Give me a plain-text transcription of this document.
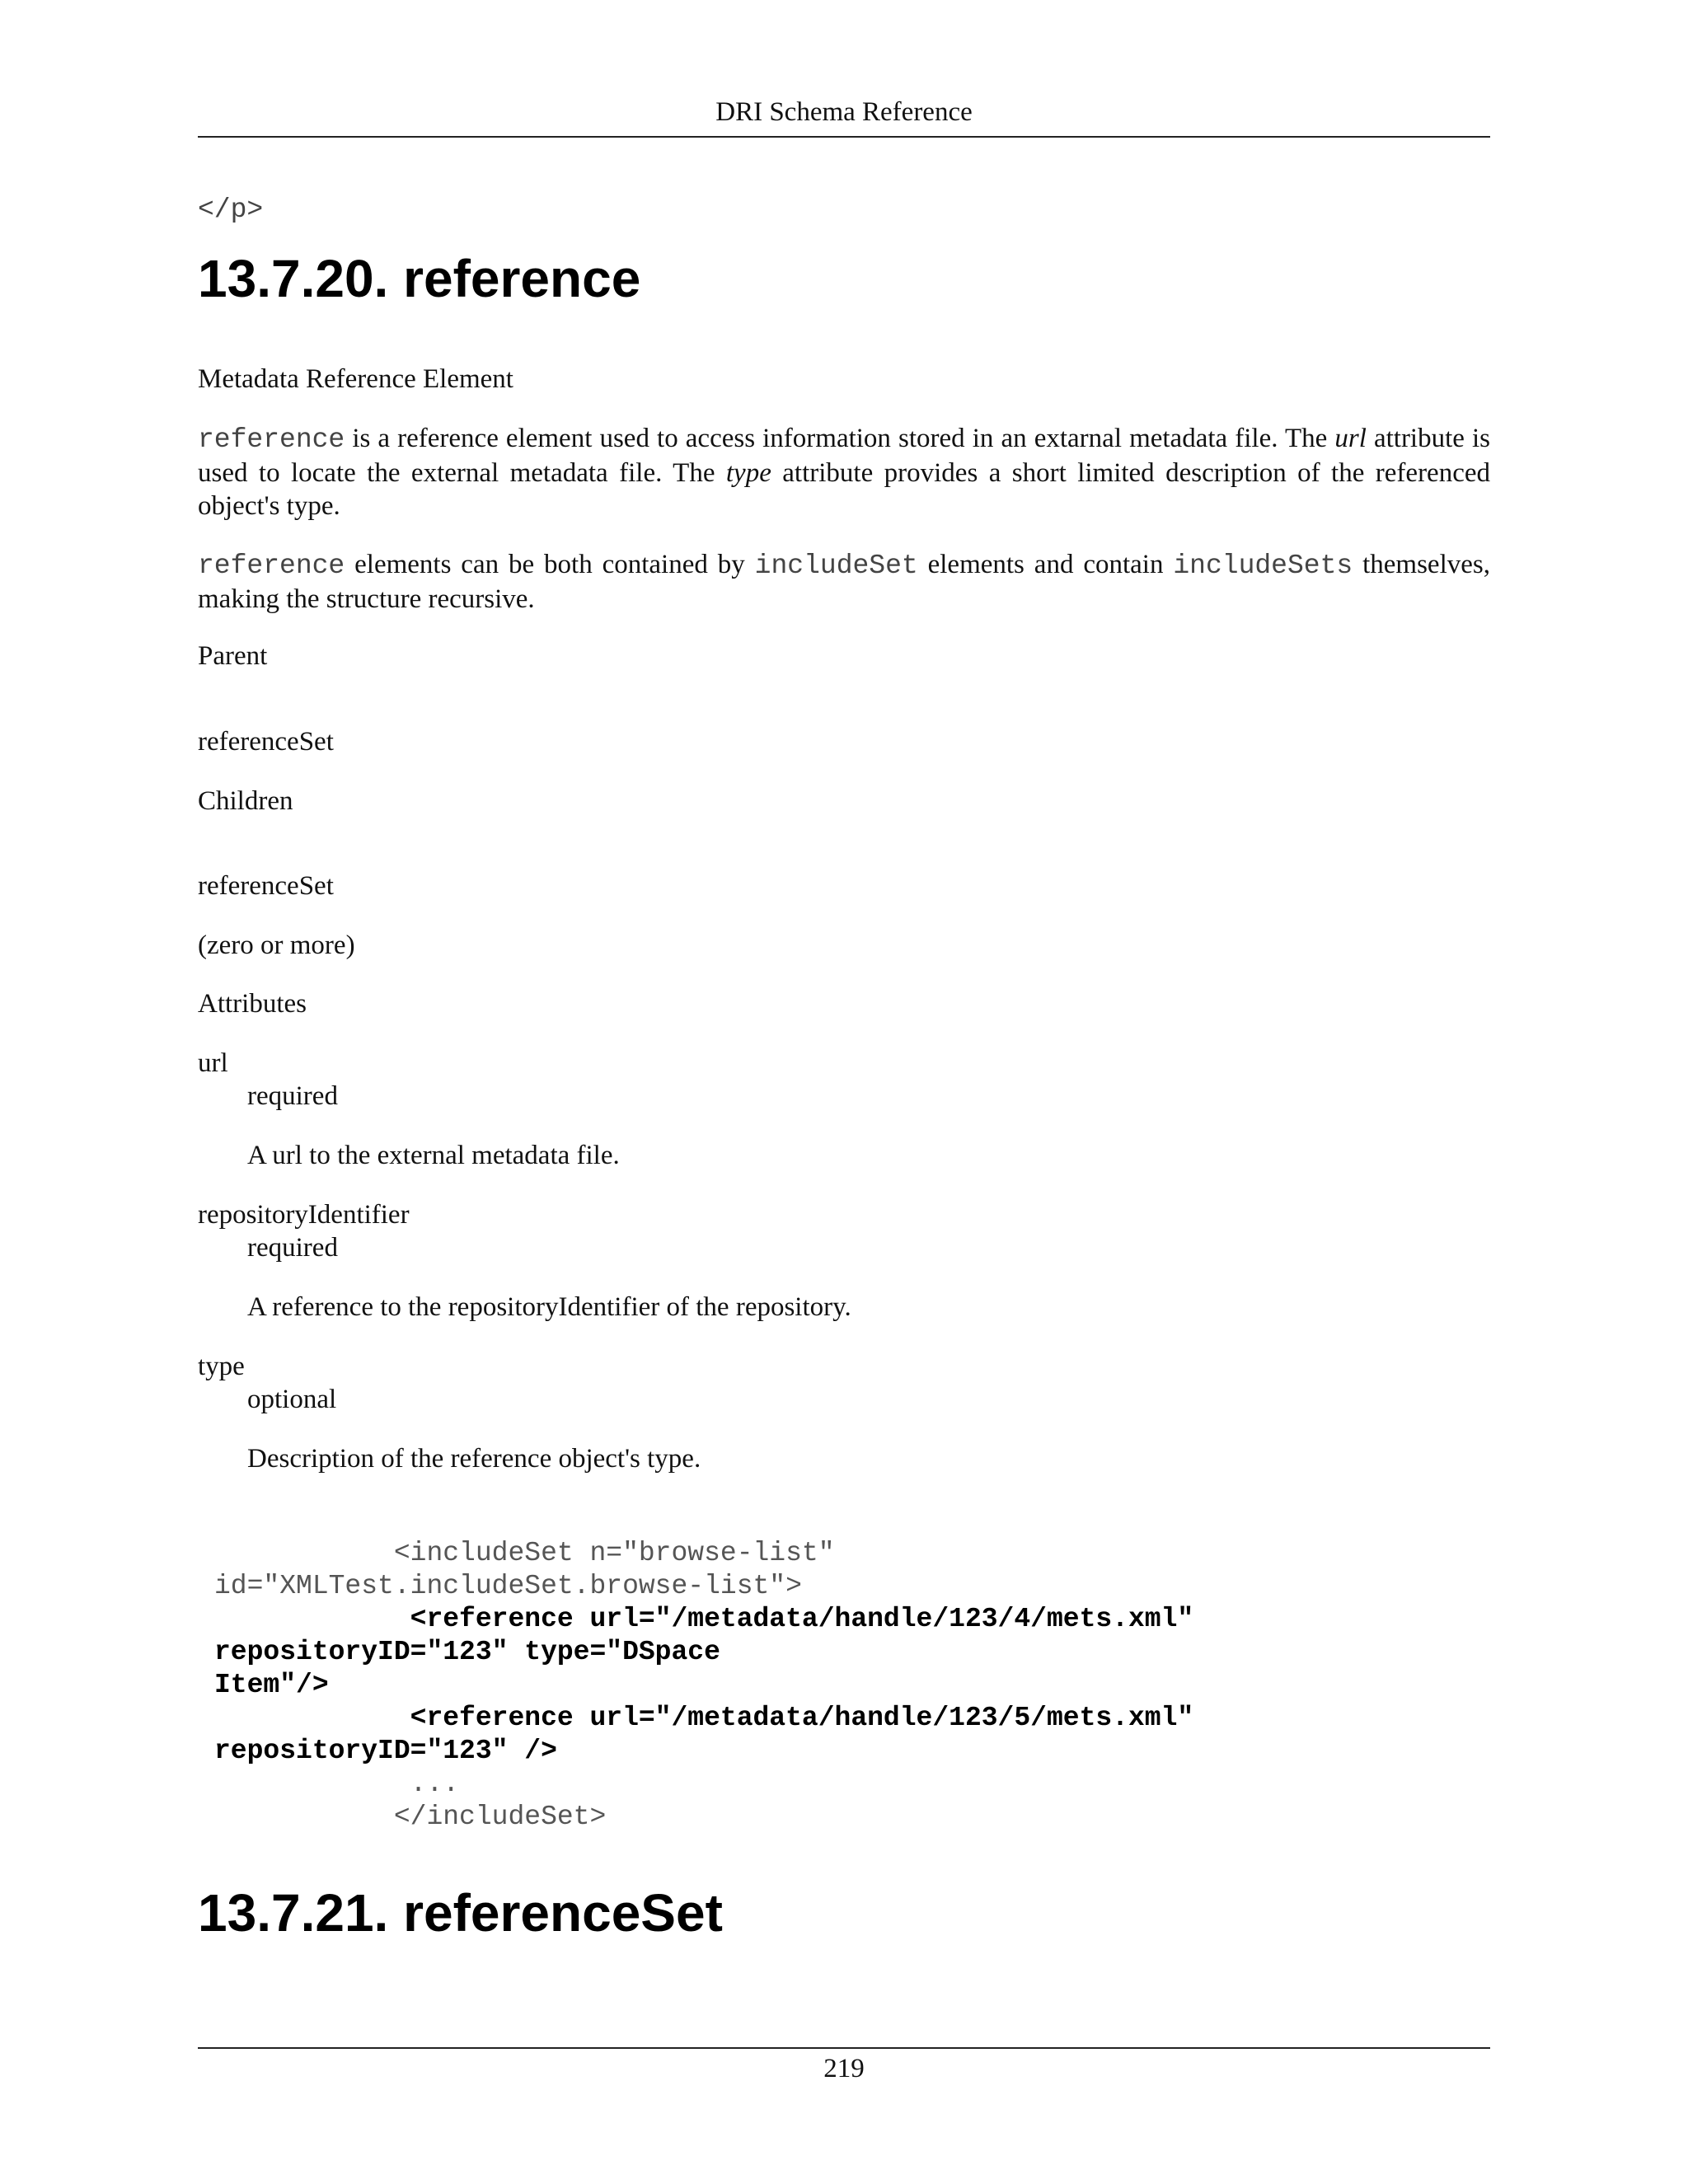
DRI Schema Reference
</p>
13.7.20. reference
Metadata Reference Element
reference is a reference element used to access information stored in an extarnal metadata file. The url attribute is used to locate the external metadata file. The type attribute provides a short limited description of the referenced object's type.
reference elements can be both contained by includeSet elements and contain includeSets themselves, making the structure recursive.
Parent
referenceSet
Children
referenceSet
(zero or more)
Attributes
url
required
A url to the external metadata file.
repositoryIdentifier
required
A reference to the repositoryIdentifier of the repository.
type
optional
Description of the reference object's type.
<includeSet n="browse-list"
id="XMLTest.includeSet.browse-list">
<reference url="/metadata/handle/123/4/mets.xml"
repositoryID="123" type="DSpace
Item"/>
<reference url="/metadata/handle/123/5/mets.xml"
repositoryID="123" />
...
</includeSet>
13.7.21. referenceSet
219
